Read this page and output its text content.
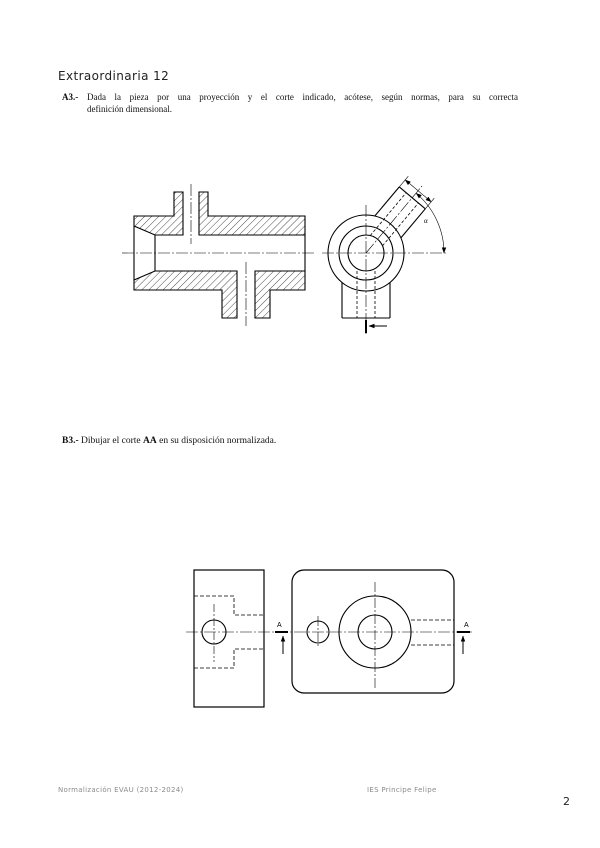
Extraordinaria 12
A3.- Dada la pieza por una proyección y el corte indicado, acótese, según normas, para su correcta
definición dimensional.
B3.- Dibujar el corte AA en su disposición normalizada.
α
A	A
Normalización EVAU (2012-2024)	IES Principe Felipe
2
